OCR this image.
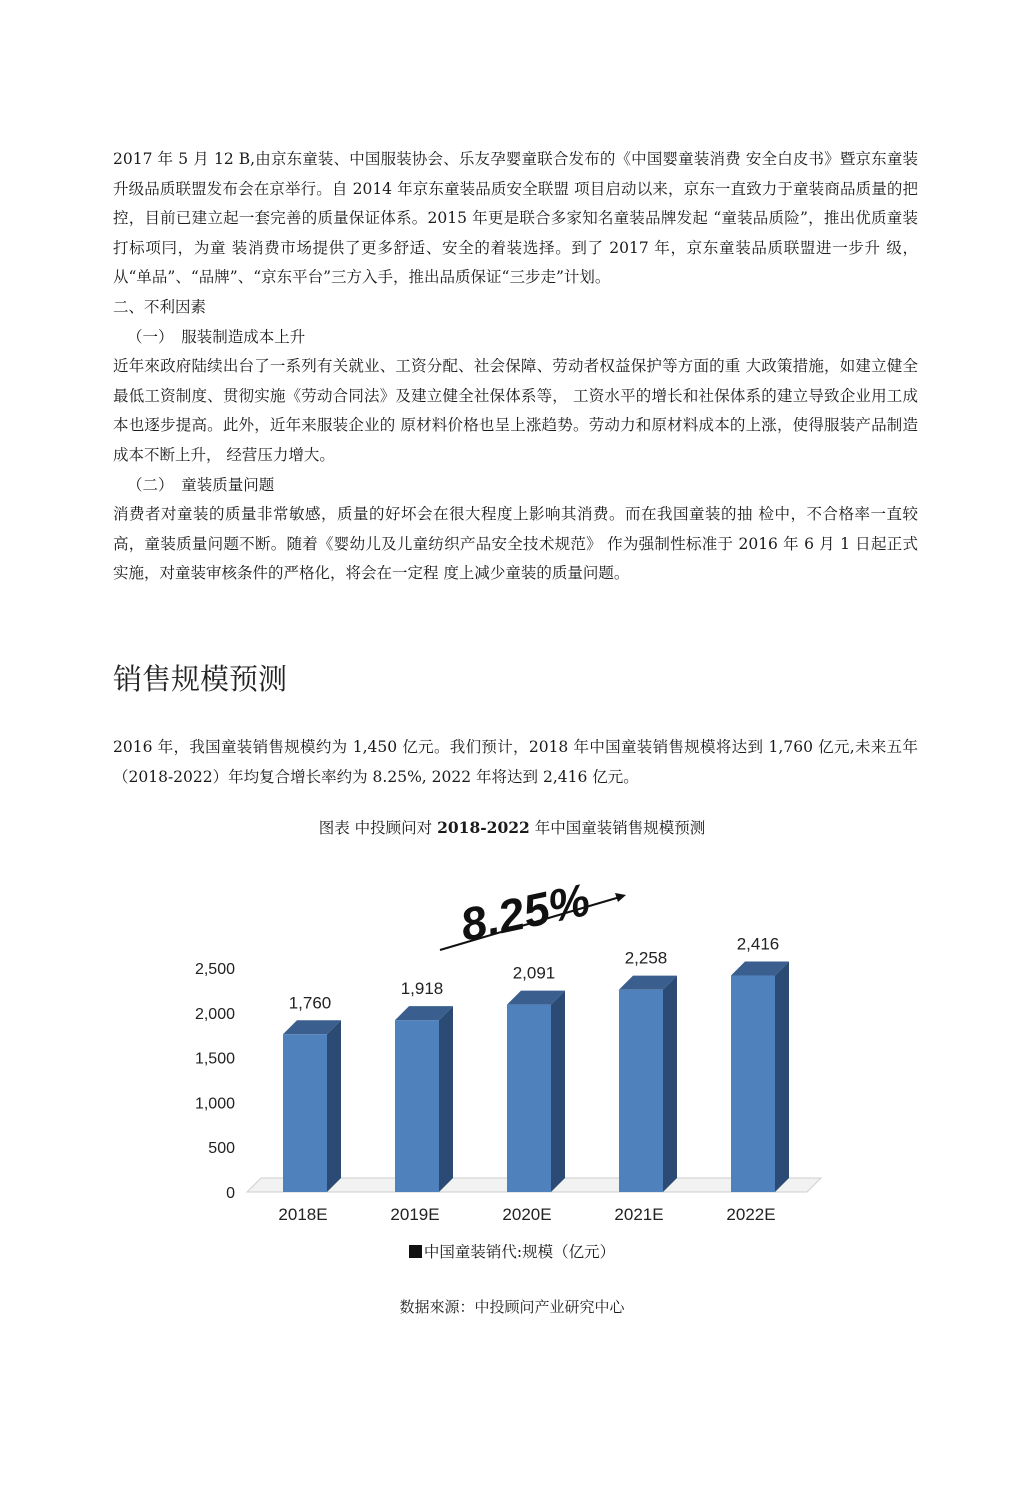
2017 年 5 月 12 B,由京东童装、中国服装协会、乐友孕婴童联合发布的《中国婴童装消费 安全白皮书》暨京东童装升级品质联盟发布会在京举行。自 2014 年京东童装品质安全联盟 项目启动以来，京东一直致力于童装商品质量的把控，目前已建立起一套完善的质量保证体系。2015 年更是联合多家知名童装品牌发起 “童装品质险”，推出优质童装打标项冃，为童 装消费市场提供了更多舒适、安全的着装选择。到了 2017 年，京东童装品质联盟进一步升 级，从“单品”、“品牌”、“京东平台”三方入手，推出品质保证“三步走”计划。

二、不利因素

（一）　服装制造成本上升

近年來政府陆续出台了一系列有关就业、工资分配、社会保障、劳动者权益保护等方面的重 大政策措施，如建立健全最低工资制度、贯彻实施《劳动合同法》及建立健全社保体系等， 工资水平的增长和社保体系的建立导致企业用工成本也逐步提高。此外，近年来服装企业的 原材料价格也呈上涨趋势。劳动力和原材料成本的上涨，使得服装产品制造成本不断上升， 经营压力增大。

（二）　童装质量问题

消费者对童装的质量非常敏感，质量的好坏会在很大程度上影响其消费。而在我国童装的抽 检中，不合格率一直较高，童装质量问题不断。随着《婴幼儿及儿童纺织产品安全技术规范》 作为强制性标准于 2016 年 6 月 1 日起正式实施，对童装审核条件的严格化，将会在一定程 度上减少童装的质量问题。

销售规模预测

2016 年，我国童装销售规模约为 1,450 亿元。我们预计，2018 年中国童装销售规模将达到 1,760 亿元,未来五年（2018-2022）年均复合增长率约为 8.25%, 2022 年将达到 2,416 亿元。

图表 中投顾问对 2018-2022 年中国童装销售规模预测
0
500
1,000
1,500
2,000
2,500
1,760
1,918
2,091
2,258
2,416
2018E	2019E	2020E	2021E	2022E
8.25%
中国童装销代:规模（亿元）
数据來源：中投顾问产业研究中心
